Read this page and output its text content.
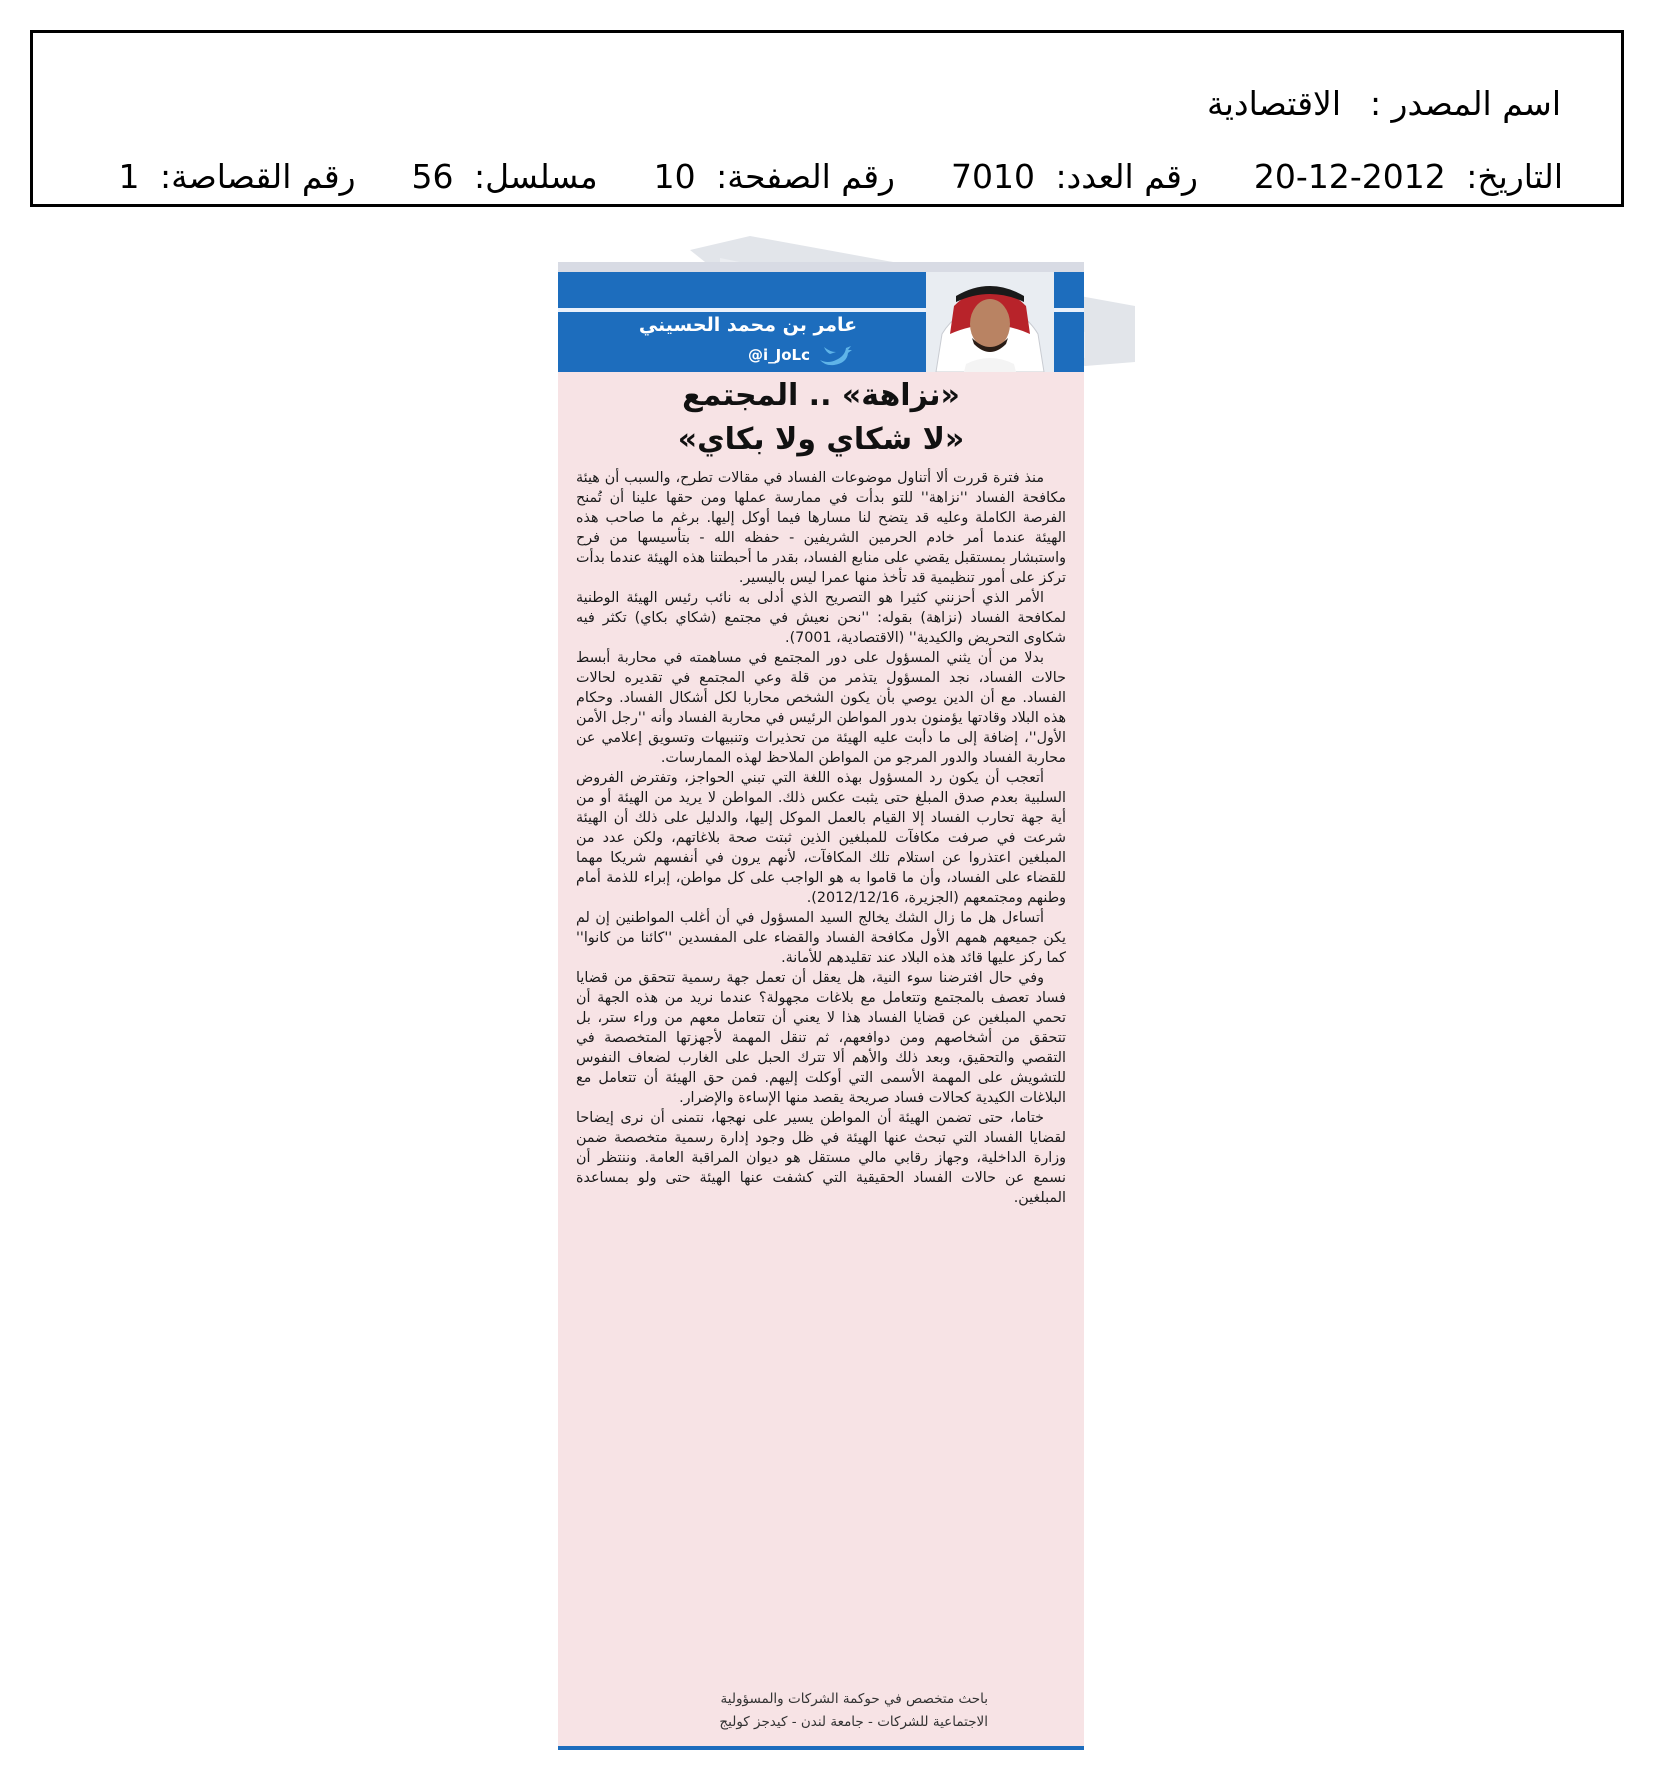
اسم المصدر :
الاقتصادية
التاريخ: 2012-12-20
رقم العدد: 7010
رقم الصفحة: 10
مسلسل: 56
رقم القصاصة: 1
عامر بن محمد الحسيني
@i_JoLc
«نزاهة» .. المجتمع
«لا شكاي ولا بكاي»

منذ فترة قررت ألا أتناول موضوعات الفساد في مقالات تطرح، والسبب أن هيئة مكافحة الفساد ''نزاهة'' للتو بدأت في ممارسة عملها ومن حقها علينا أن تُمنح الفرصة الكاملة وعليه قد يتضح لنا مسارها فيما أوكل إليها. برغم ما صاحب هذه الهيئة عندما أمر خادم الحرمين الشريفين - حفظه الله - بتأسيسها من فرح واستبشار بمستقبل يقضي على منابع الفساد، بقدر ما أحبطتنا هذه الهيئة عندما بدأت تركز على أمور تنظيمية قد تأخذ منها عمرا ليس باليسير.

الأمر الذي أحزنني كثيرا هو التصريح الذي أدلى به نائب رئيس الهيئة الوطنية لمكافحة الفساد (نزاهة) بقوله: ''نحن نعيش في مجتمع (شكاي بكاي) تكثر فيه شكاوى التحريض والكيدية'' (الاقتصادية، 7001).

بدلا من أن يثني المسؤول على دور المجتمع في مساهمته في محاربة أبسط حالات الفساد، نجد المسؤول يتذمر من قلة وعي المجتمع في تقديره لحالات الفساد. مع أن الدين يوصي بأن يكون الشخص محاربا لكل أشكال الفساد. وحكام هذه البلاد وقادتها يؤمنون بدور المواطن الرئيس في محاربة الفساد وأنه ''رجل الأمن الأول''، إضافة إلى ما دأبت عليه الهيئة من تحذيرات وتنبيهات وتسويق إعلامي عن محاربة الفساد والدور المرجو من المواطن الملاحظ لهذه الممارسات.

أتعجب أن يكون رد المسؤول بهذه اللغة التي تبني الحواجز، وتفترض الفروض السلبية بعدم صدق المبلغ حتى يثبت عكس ذلك. المواطن لا يريد من الهيئة أو من أية جهة تحارب الفساد إلا القيام بالعمل الموكل إليها، والدليل على ذلك أن الهيئة شرعت في صرفت مكافآت للمبلغين الذين ثبتت صحة بلاغاتهم، ولكن عدد من المبلغين اعتذروا عن استلام تلك المكافآت، لأنهم يرون في أنفسهم شريكا مهما للقضاء على الفساد، وأن ما قاموا به هو الواجب على كل مواطن، إبراء للذمة أمام وطنهم ومجتمعهم (الجزيرة، 2012/12/16).

أتساءل هل ما زال الشك يخالج السيد المسؤول في أن أغلب المواطنين إن لم يكن جميعهم همهم الأول مكافحة الفساد والقضاء على المفسدين ''كائنا من كانوا'' كما ركز عليها قائد هذه البلاد عند تقليدهم للأمانة.

وفي حال افترضنا سوء النية، هل يعقل أن تعمل جهة رسمية تتحقق من قضايا فساد تعصف بالمجتمع وتتعامل مع بلاغات مجهولة؟ عندما نريد من هذه الجهة أن تحمي المبلغين عن قضايا الفساد هذا لا يعني أن تتعامل معهم من وراء ستر، بل تتحقق من أشخاصهم ومن دوافعهم، ثم تنقل المهمة لأجهزتها المتخصصة في التقصي والتحقيق، وبعد ذلك والأهم ألا تترك الحبل على الغارب لضعاف النفوس للتشويش على المهمة الأسمى التي أوكلت إليهم. فمن حق الهيئة أن تتعامل مع البلاغات الكيدية كحالات فساد صريحة يقصد منها الإساءة والإضرار.

ختاما، حتى تضمن الهيئة أن المواطن يسير على نهجها، نتمنى أن نرى إيضاحا لقضايا الفساد التي تبحث عنها الهيئة في ظل وجود إدارة رسمية متخصصة ضمن وزارة الداخلية، وجهاز رقابي مالي مستقل هو ديوان المراقبة العامة. وننتظر أن نسمع عن حالات الفساد الحقيقية التي كشفت عنها الهيئة حتى ولو بمساعدة المبلغين.

باحث متخصص في حوكمة الشركات والمسؤولية
الاجتماعية للشركات - جامعة لندن - كيدجز كوليج
